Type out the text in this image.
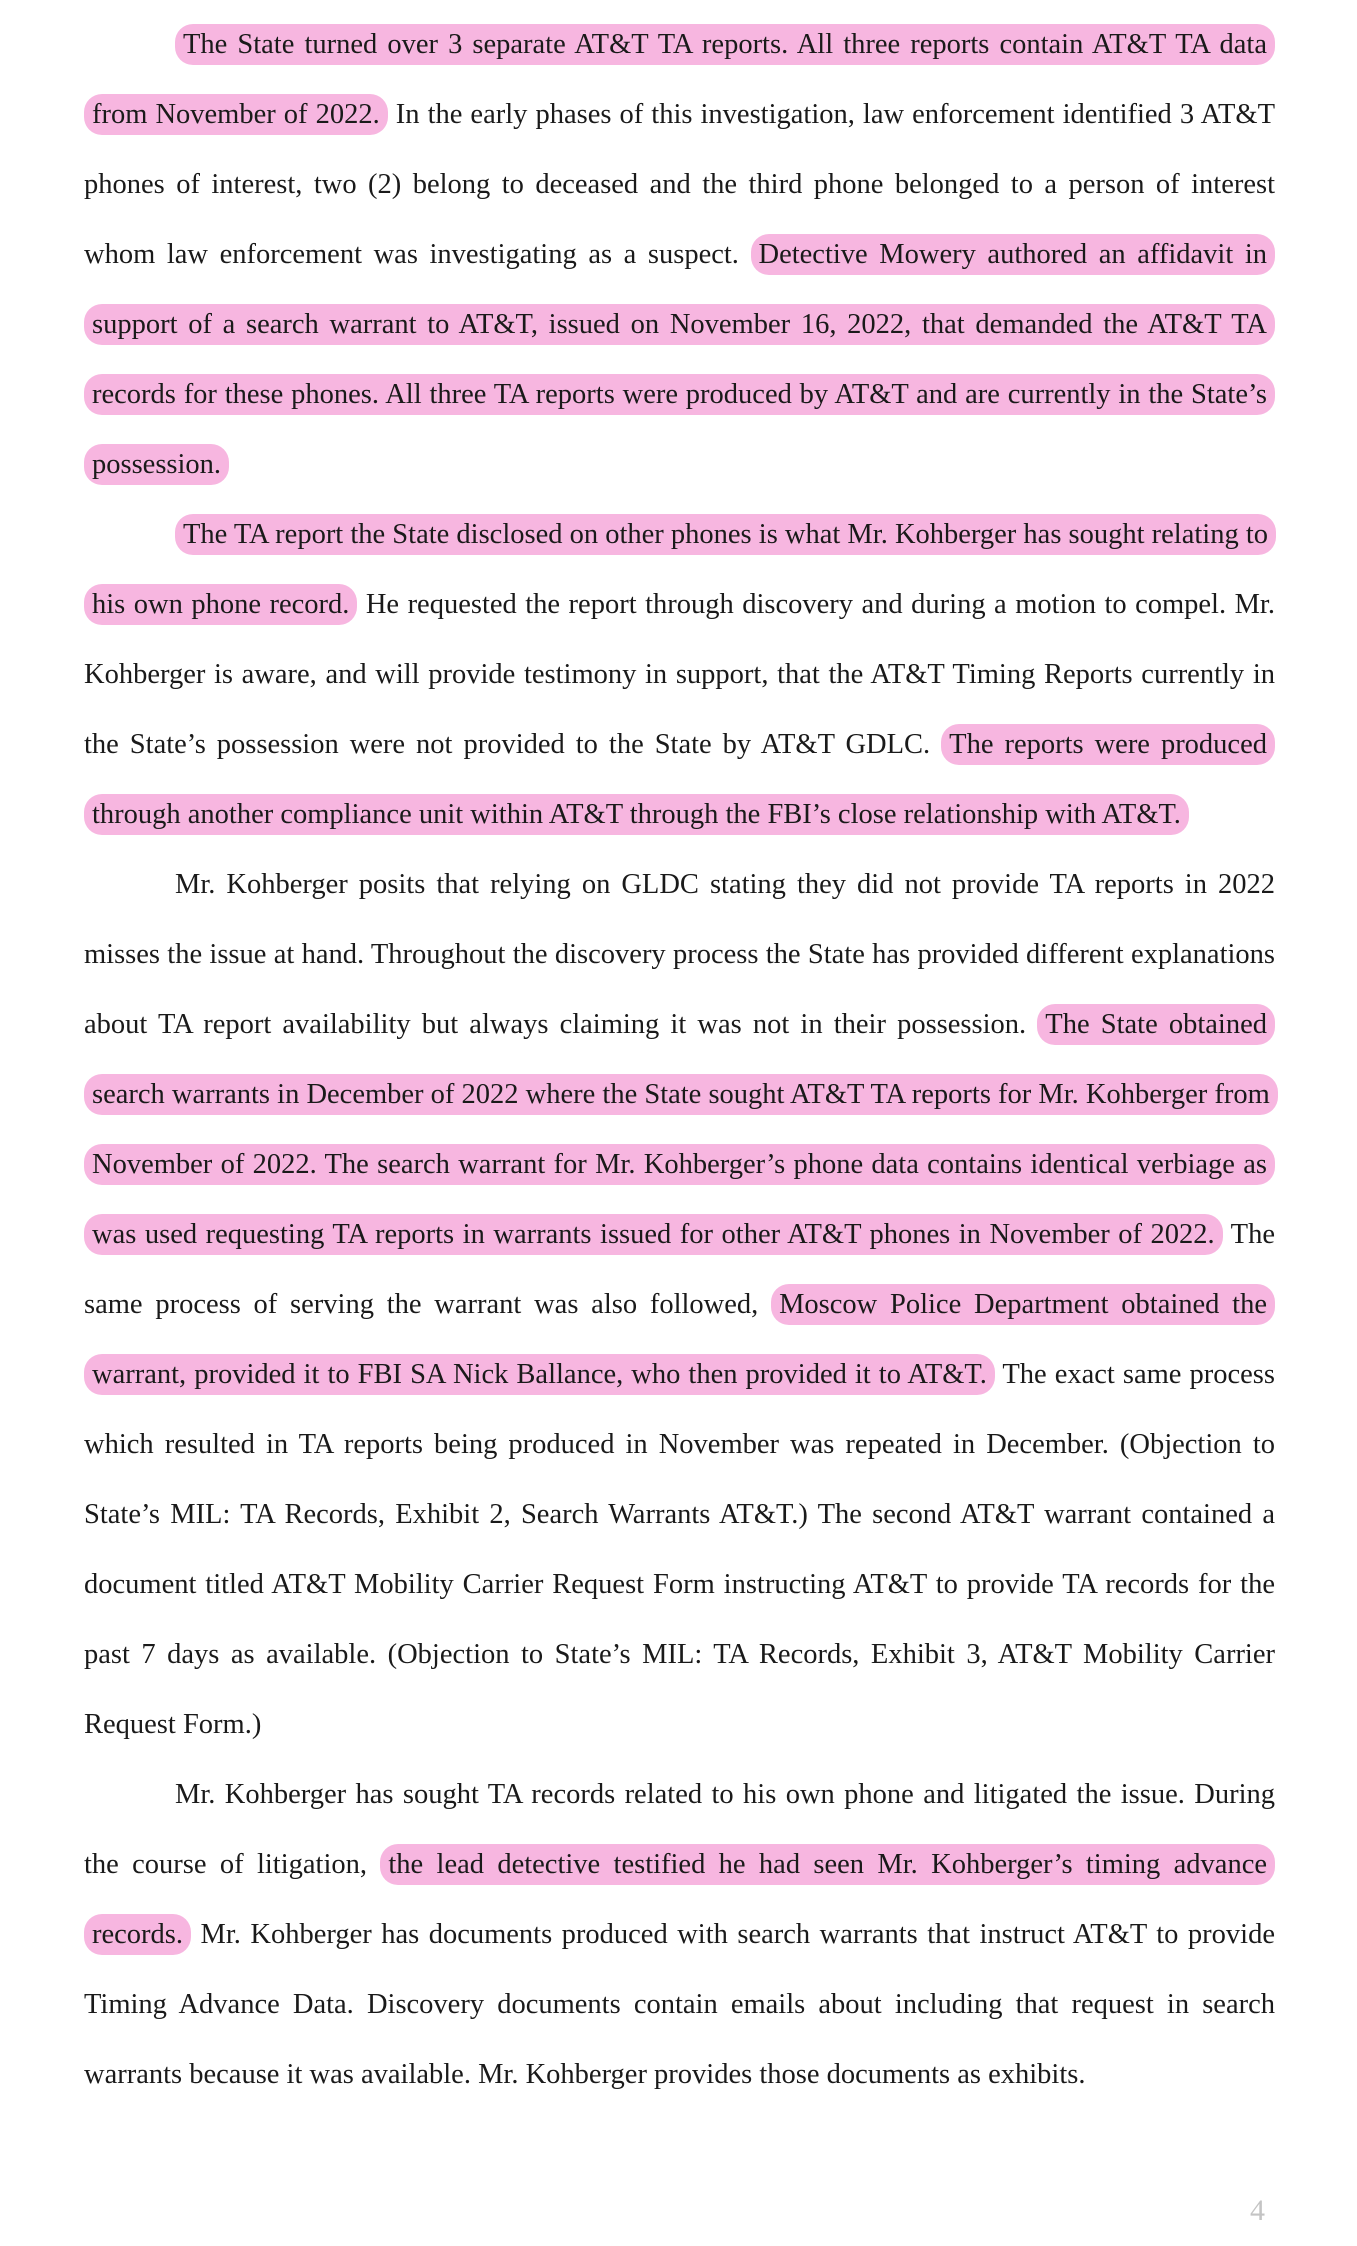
The State turned over 3 separate AT&T TA reports. All three reports contain AT&T TA data from November of 2022. In the early phases of this investigation, law enforcement identified 3 AT&T phones of interest, two (2) belong to deceased and the third phone belonged to a person of interest whom law enforcement was investigating as a suspect. Detective Mowery authored an affidavit in support of a search warrant to AT&T, issued on November 16, 2022, that demanded the AT&T TA records for these phones. All three TA reports were produced by AT&T and are currently in the State’s possession.

The TA report the State disclosed on other phones is what Mr. Kohberger has sought relating to his own phone record. He requested the report through discovery and during a motion to compel. Mr. Kohberger is aware, and will provide testimony in support, that the AT&T Timing Reports currently in the State’s possession were not provided to the State by AT&T GDLC. The reports were produced through another compliance unit within AT&T through the FBI’s close relationship with AT&T.

Mr. Kohberger posits that relying on GLDC stating they did not provide TA reports in 2022 misses the issue at hand. Throughout the discovery process the State has provided different explanations about TA report availability but always claiming it was not in their possession. The State obtained search warrants in December of 2022 where the State sought AT&T TA reports for Mr. Kohberger from November of 2022. The search warrant for Mr. Kohberger’s phone data contains identical verbiage as was used requesting TA reports in warrants issued for other AT&T phones in November of 2022. The same process of serving the warrant was also followed, Moscow Police Department obtained the warrant, provided it to FBI SA Nick Ballance, who then provided it to AT&T. The exact same process which resulted in TA reports being produced in November was repeated in December. (Objection to State’s MIL: TA Records, Exhibit 2, Search Warrants AT&T.) The second AT&T warrant contained a document titled AT&T Mobility Carrier Request Form instructing AT&T to provide TA records for the past 7 days as available. (Objection to State’s MIL: TA Records, Exhibit 3, AT&T Mobility Carrier Request Form.)

Mr. Kohberger has sought TA records related to his own phone and litigated the issue. During the course of litigation, the lead detective testified he had seen Mr. Kohberger’s timing advance records. Mr. Kohberger has documents produced with search warrants that instruct AT&T to provide Timing Advance Data. Discovery documents contain emails about including that request in search warrants because it was available. Mr. Kohberger provides those documents as exhibits.

4
